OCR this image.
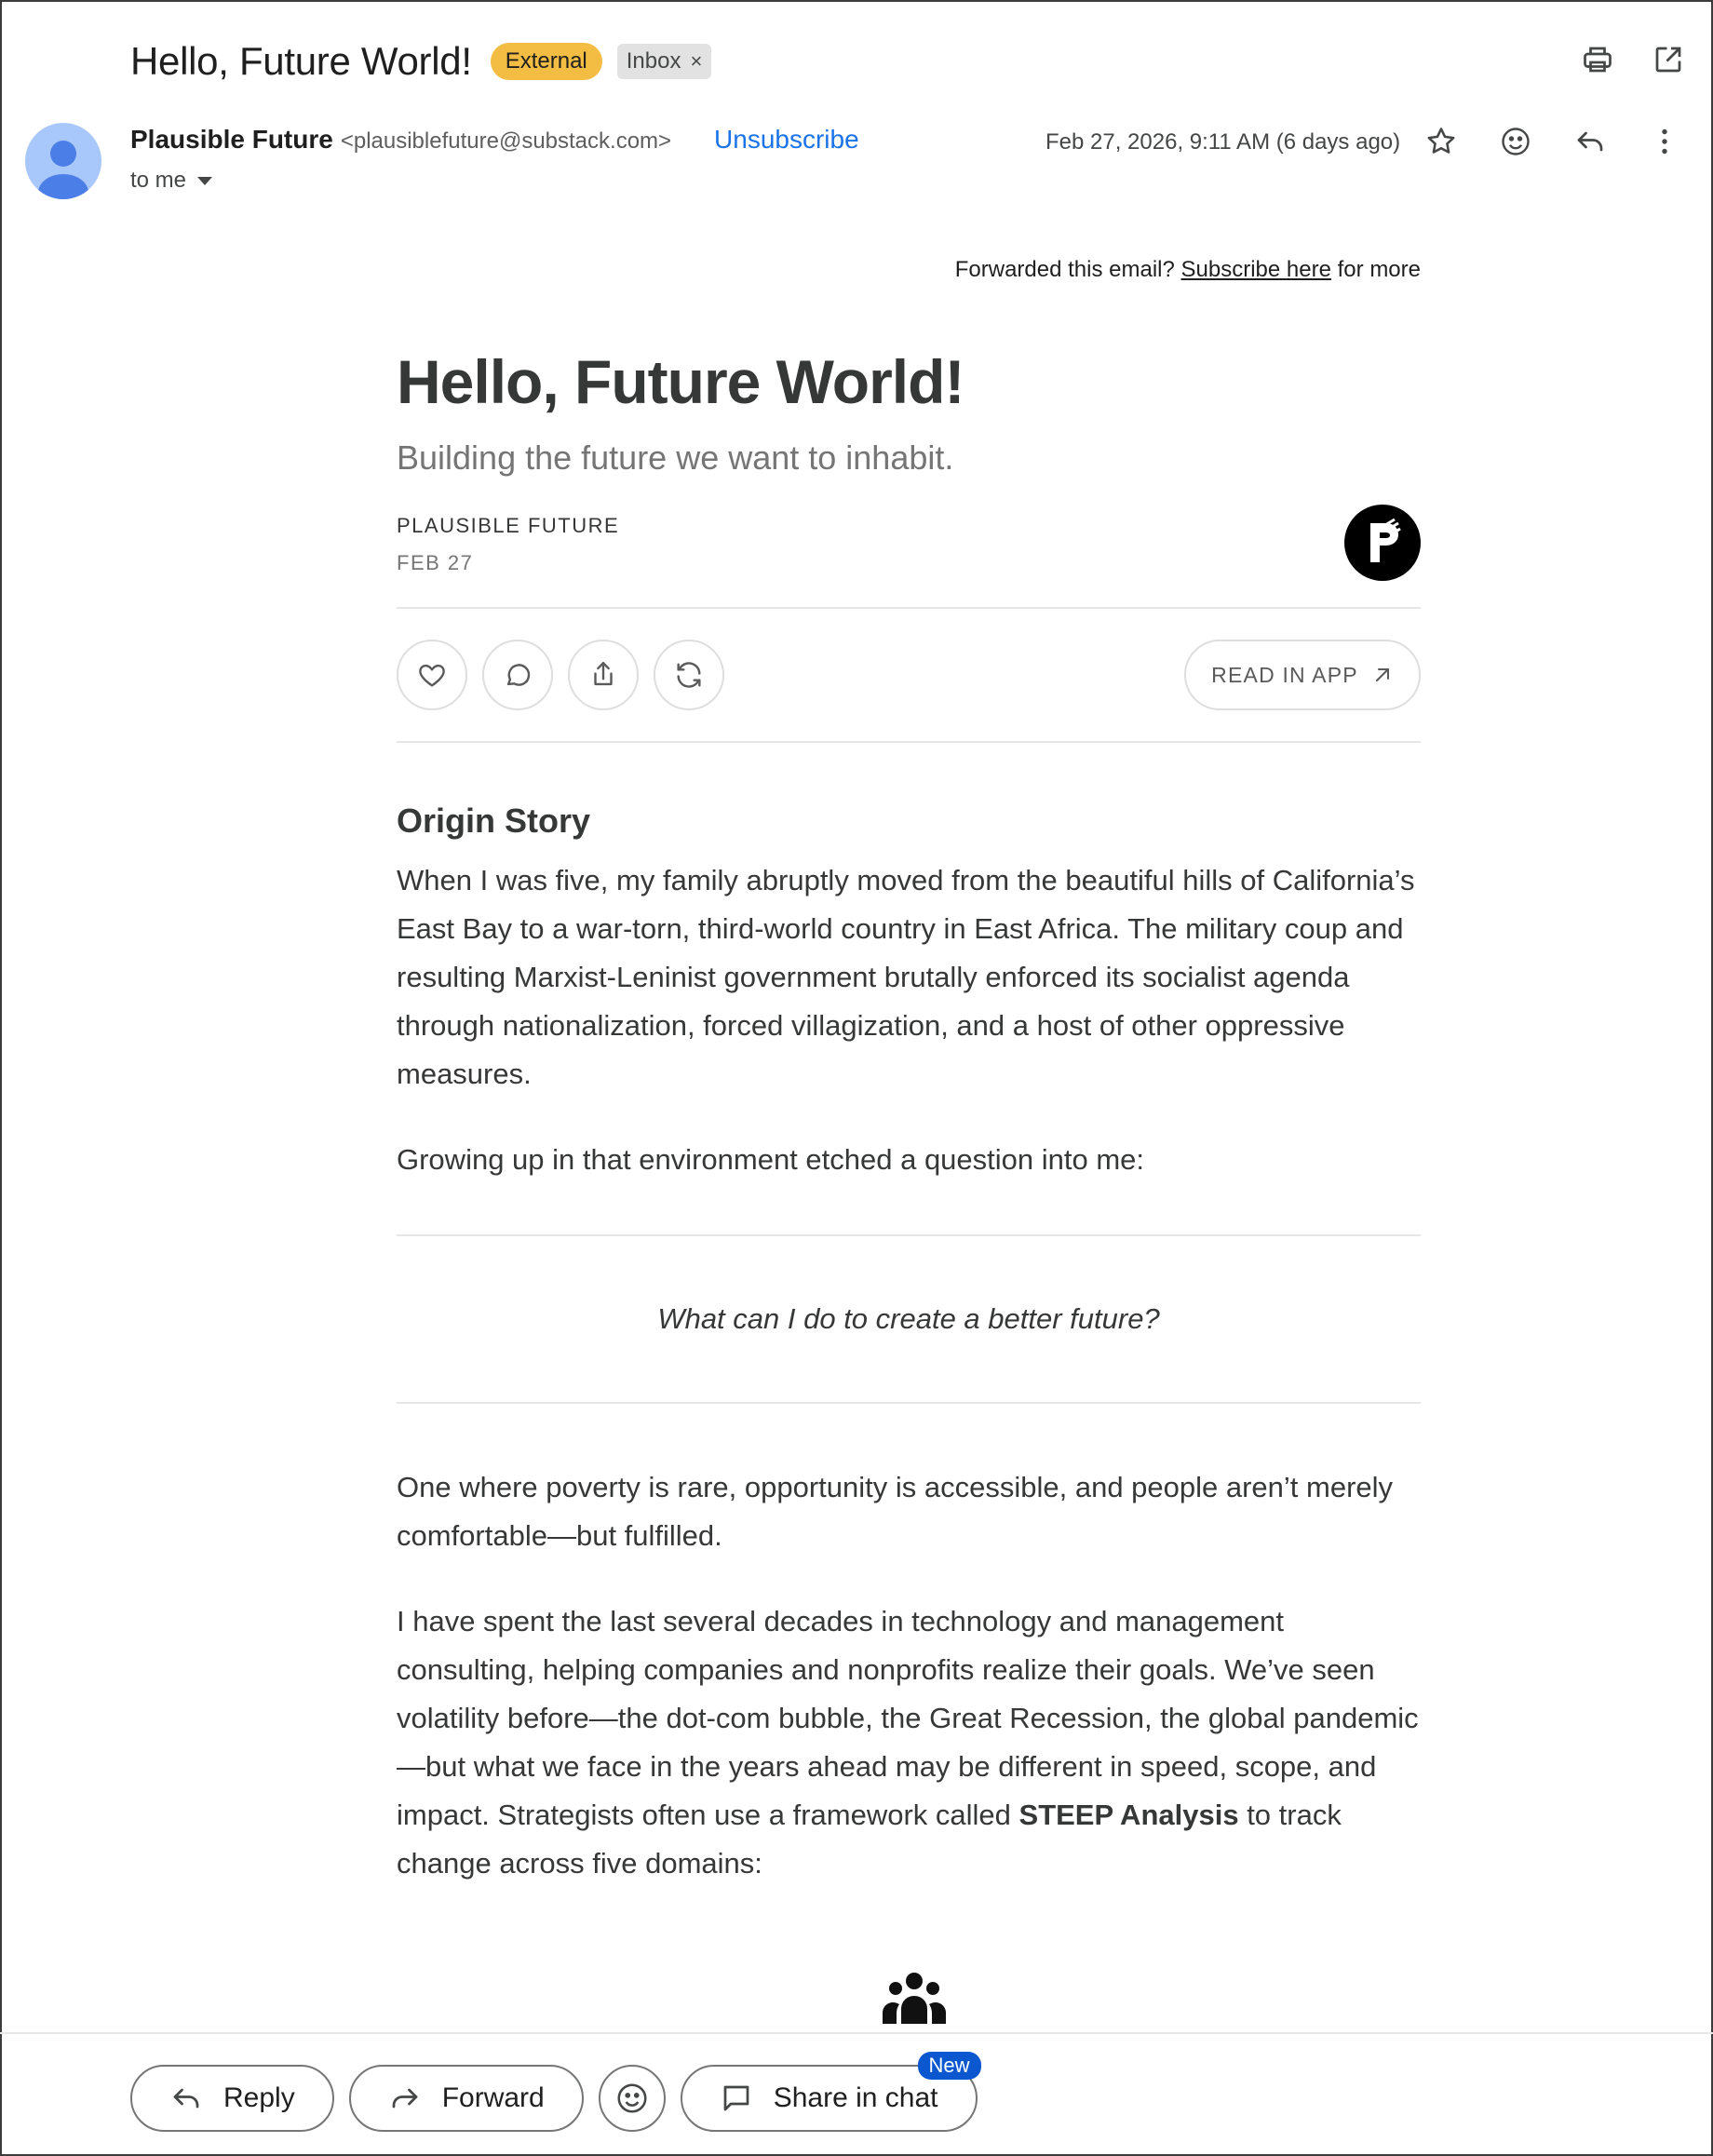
Hello, Future World!	External	Inbox ×
Plausible Future <plausiblefuture@substack.com> Unsubscribe
to me
Feb 27, 2026, 9:11 AM (6 days ago)
Forwarded this email? Subscribe here for more
Hello, Future World!
Building the future we want to inhabit.
PLAUSIBLE FUTURE
FEB 27
READ IN APP
Origin Story

When I was five, my family abruptly moved from the beautiful hills of California’s East Bay to a war-torn, third-world country in East Africa. The military coup and resulting Marxist-Leninist government brutally enforced its socialist agenda through nationalization, forced villagization, and a host of other oppressive measures.

Growing up in that environment etched a question into me:

What can I do to create a better future?

One where poverty is rare, opportunity is accessible, and people aren’t merely comfortable—but fulfilled.

I have spent the last several decades in technology and management consulting, helping companies and nonprofits realize their goals. We’ve seen volatility before—the dot-com bubble, the Great Recession, the global pandemic—but what we face in the years ahead may be different in speed, scope, and impact. Strategists often use a framework called STEEP Analysis to track change across five domains:

Reply	Forward	Share in chat
New
